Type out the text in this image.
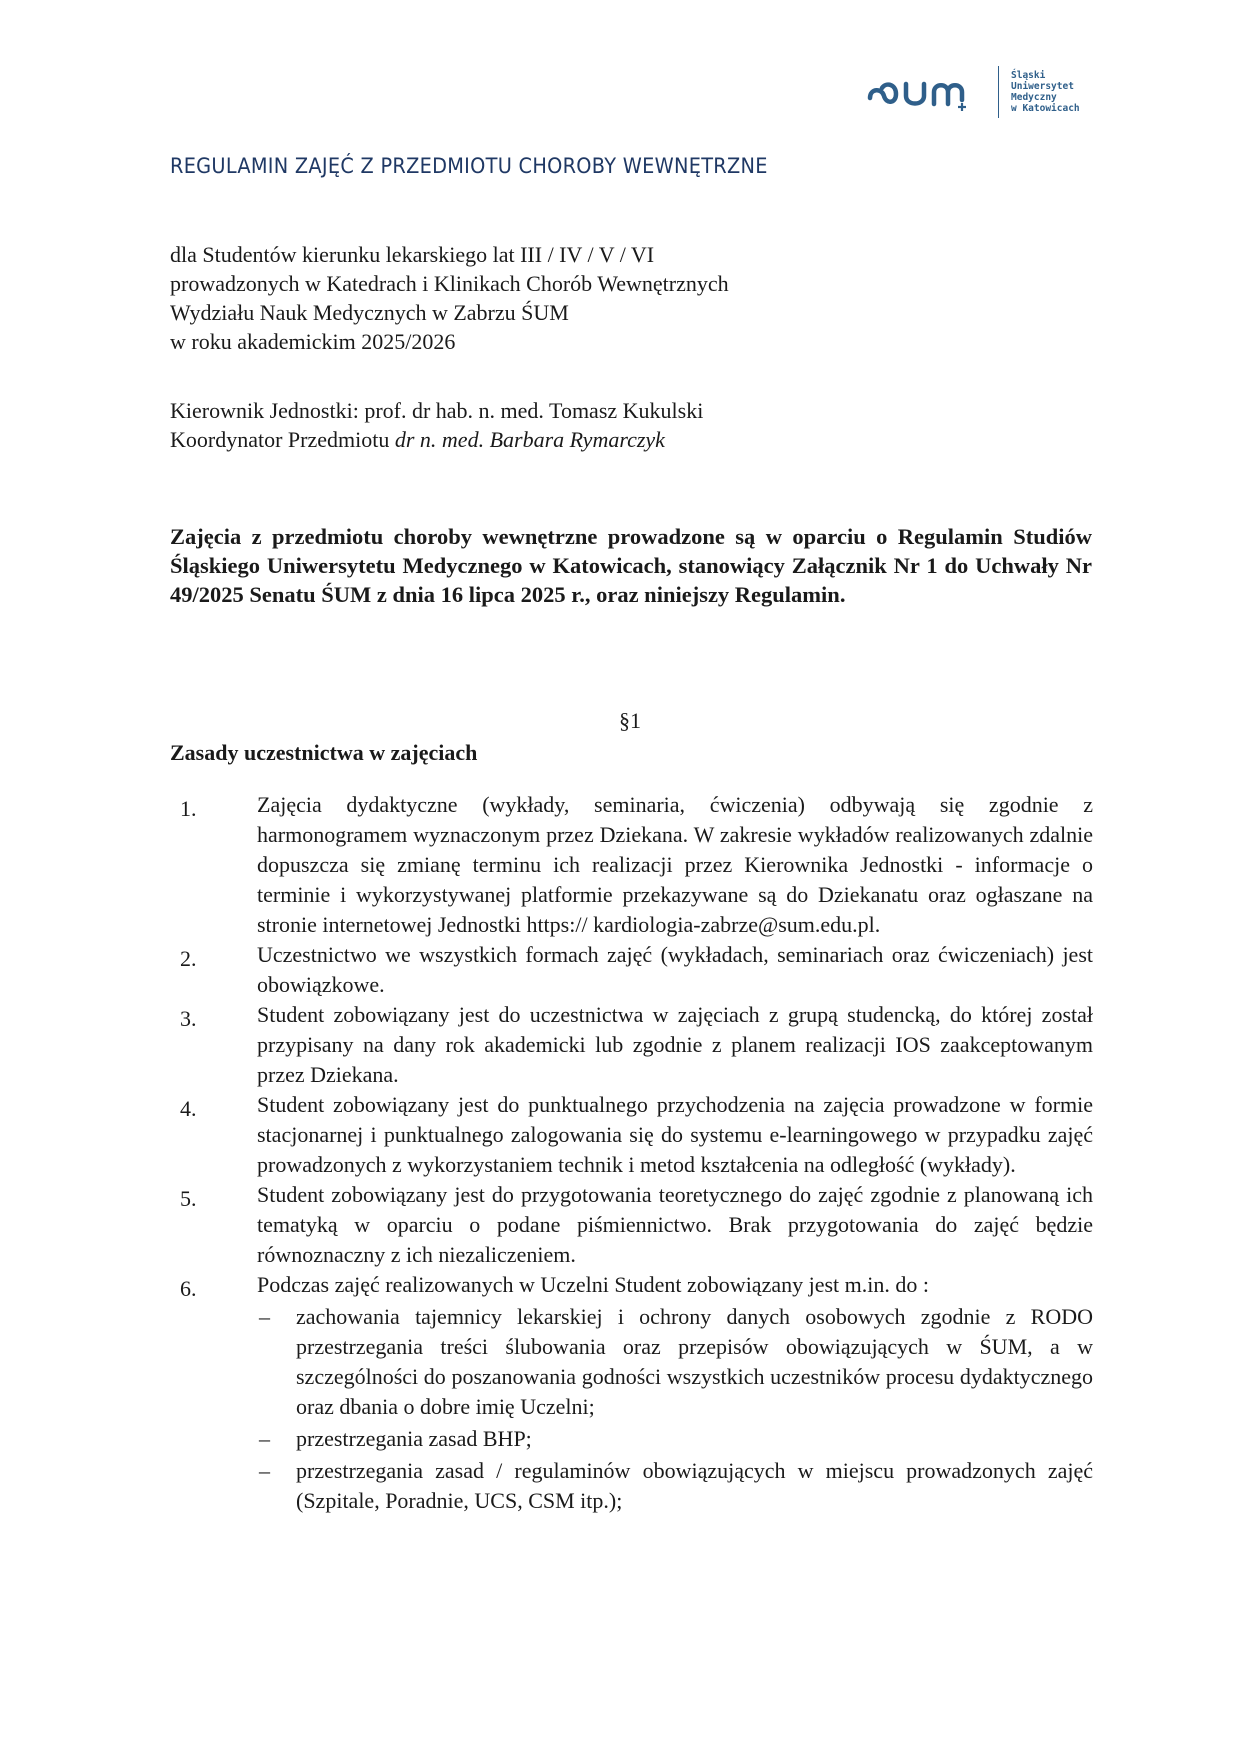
Śląski
Uniwersytet
Medyczny
w Katowicach
REGULAMIN ZAJĘĆ Z PRZEDMIOTU CHOROBY WEWNĘTRZNE
dla Studentów kierunku lekarskiego lat III / IV / V / VI
prowadzonych w Katedrach i Klinikach Chorób Wewnętrznych
Wydziału Nauk Medycznych w Zabrzu ŚUM
w roku akademickim 2025/2026
Kierownik Jednostki: prof. dr hab. n. med. Tomasz Kukulski
Koordynator Przedmiotu dr n. med. Barbara Rymarczyk
Zajęcia z przedmiotu choroby wewnętrzne prowadzone są w oparciu o Regulamin Studiów Śląskiego Uniwersytetu Medycznego w Katowicach, stanowiący Załącznik Nr 1 do Uchwały Nr 49/2025 Senatu ŚUM z dnia 16 lipca 2025 r., oraz niniejszy Regulamin.
§1
Zasady uczestnictwa w zajęciach
1.	Zajęcia dydaktyczne (wykłady, seminaria, ćwiczenia) odbywają się zgodnie z harmonogramem wyznaczonym przez Dziekana. W zakresie wykładów realizowanych zdalnie dopuszcza się zmianę terminu ich realizacji przez Kierownika Jednostki - informacje o terminie i wykorzystywanej platformie przekazywane są do Dziekanatu oraz ogłaszane na stronie internetowej Jednostki https:// kardiologia-zabrze@sum.edu.pl.
2.	Uczestnictwo we wszystkich formach zajęć (wykładach, seminariach oraz ćwiczeniach) jest obowiązkowe.
3.	Student zobowiązany jest do uczestnictwa w zajęciach z grupą studencką, do której został przypisany na dany rok akademicki lub zgodnie z planem realizacji IOS zaakceptowanym przez Dziekana.
4.	Student zobowiązany jest do punktualnego przychodzenia na zajęcia prowadzone w formie stacjonarnej i punktualnego zalogowania się do systemu e-learningowego w przypadku zajęć prowadzonych z wykorzystaniem technik i metod kształcenia na odległość (wykłady).
5.	Student zobowiązany jest do przygotowania teoretycznego do zajęć zgodnie z planowaną ich tematyką w oparciu o podane piśmiennictwo. Brak przygotowania do zajęć będzie równoznaczny z ich niezaliczeniem.
6.	Podczas zajęć realizowanych w Uczelni Student zobowiązany jest m.in. do :
–	zachowania tajemnicy lekarskiej i ochrony danych osobowych zgodnie z RODO przestrzegania treści ślubowania oraz przepisów obowiązujących w ŚUM, a w szczególności do poszanowania godności wszystkich uczestników procesu dydaktycznego oraz dbania o dobre imię Uczelni;
–	przestrzegania zasad BHP;
–	przestrzegania zasad / regulaminów obowiązujących w miejscu prowadzonych zajęć (Szpitale, Poradnie, UCS, CSM itp.);
